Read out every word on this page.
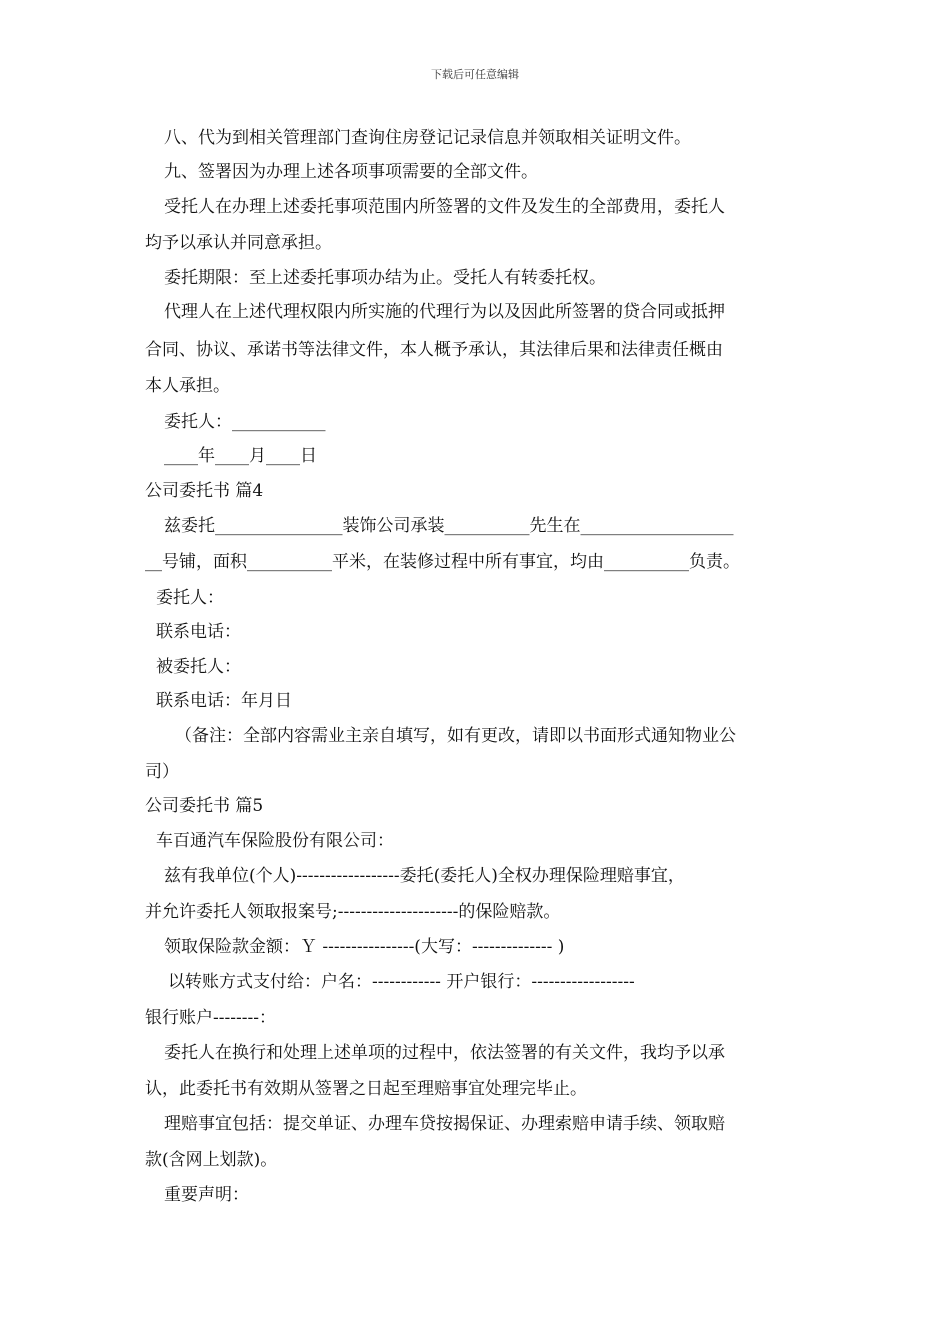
下载后可任意编辑
八、代为到相关管理部门查询住房登记记录信息并领取相关证明文件。
九、签署因为办理上述各项事项需要的全部文件。
受托人在办理上述委托事项范围内所签署的文件及发生的全部费用，委托人
均予以承认并同意承担。
委托期限：至上述委托事项办结为止。受托人有转委托权。
代理人在上述代理权限内所实施的代理行为以及因此所签署的贷合同或抵押
合同、协议、承诺书等法律文件，本人概予承认，其法律后果和法律责任概由
本人承担。
委托人：___________
____年____月____日
公司委托书 篇4
兹委托_______________装饰公司承装__________先生在__________________
__号铺，面积__________平米，在装修过程中所有事宜，均由__________负责。
委托人：
联系电话：
被委托人：
联系电话：年月日
（备注：全部内容需业主亲自填写，如有更改，请即以书面形式通知物业公
司）
公司委托书 篇5
车百通汽车保险股份有限公司：
兹有我单位(个人)------------------委托(委托人)全权办理保险理赔事宜，
并允许委托人领取报案号;---------------------的保险赔款。
领取保险款金额：Ｙ ----------------(大写：-------------- )
以转账方式支付给：户名：------------ 开户银行：------------------
银行账户--------：
委托人在换行和处理上述单项的过程中，依法签署的有关文件，我均予以承
认，此委托书有效期从签署之日起至理赔事宜处理完毕止。
理赔事宜包括：提交单证、办理车贷按揭保证、办理索赔申请手续、领取赔
款(含网上划款)。
重要声明：
